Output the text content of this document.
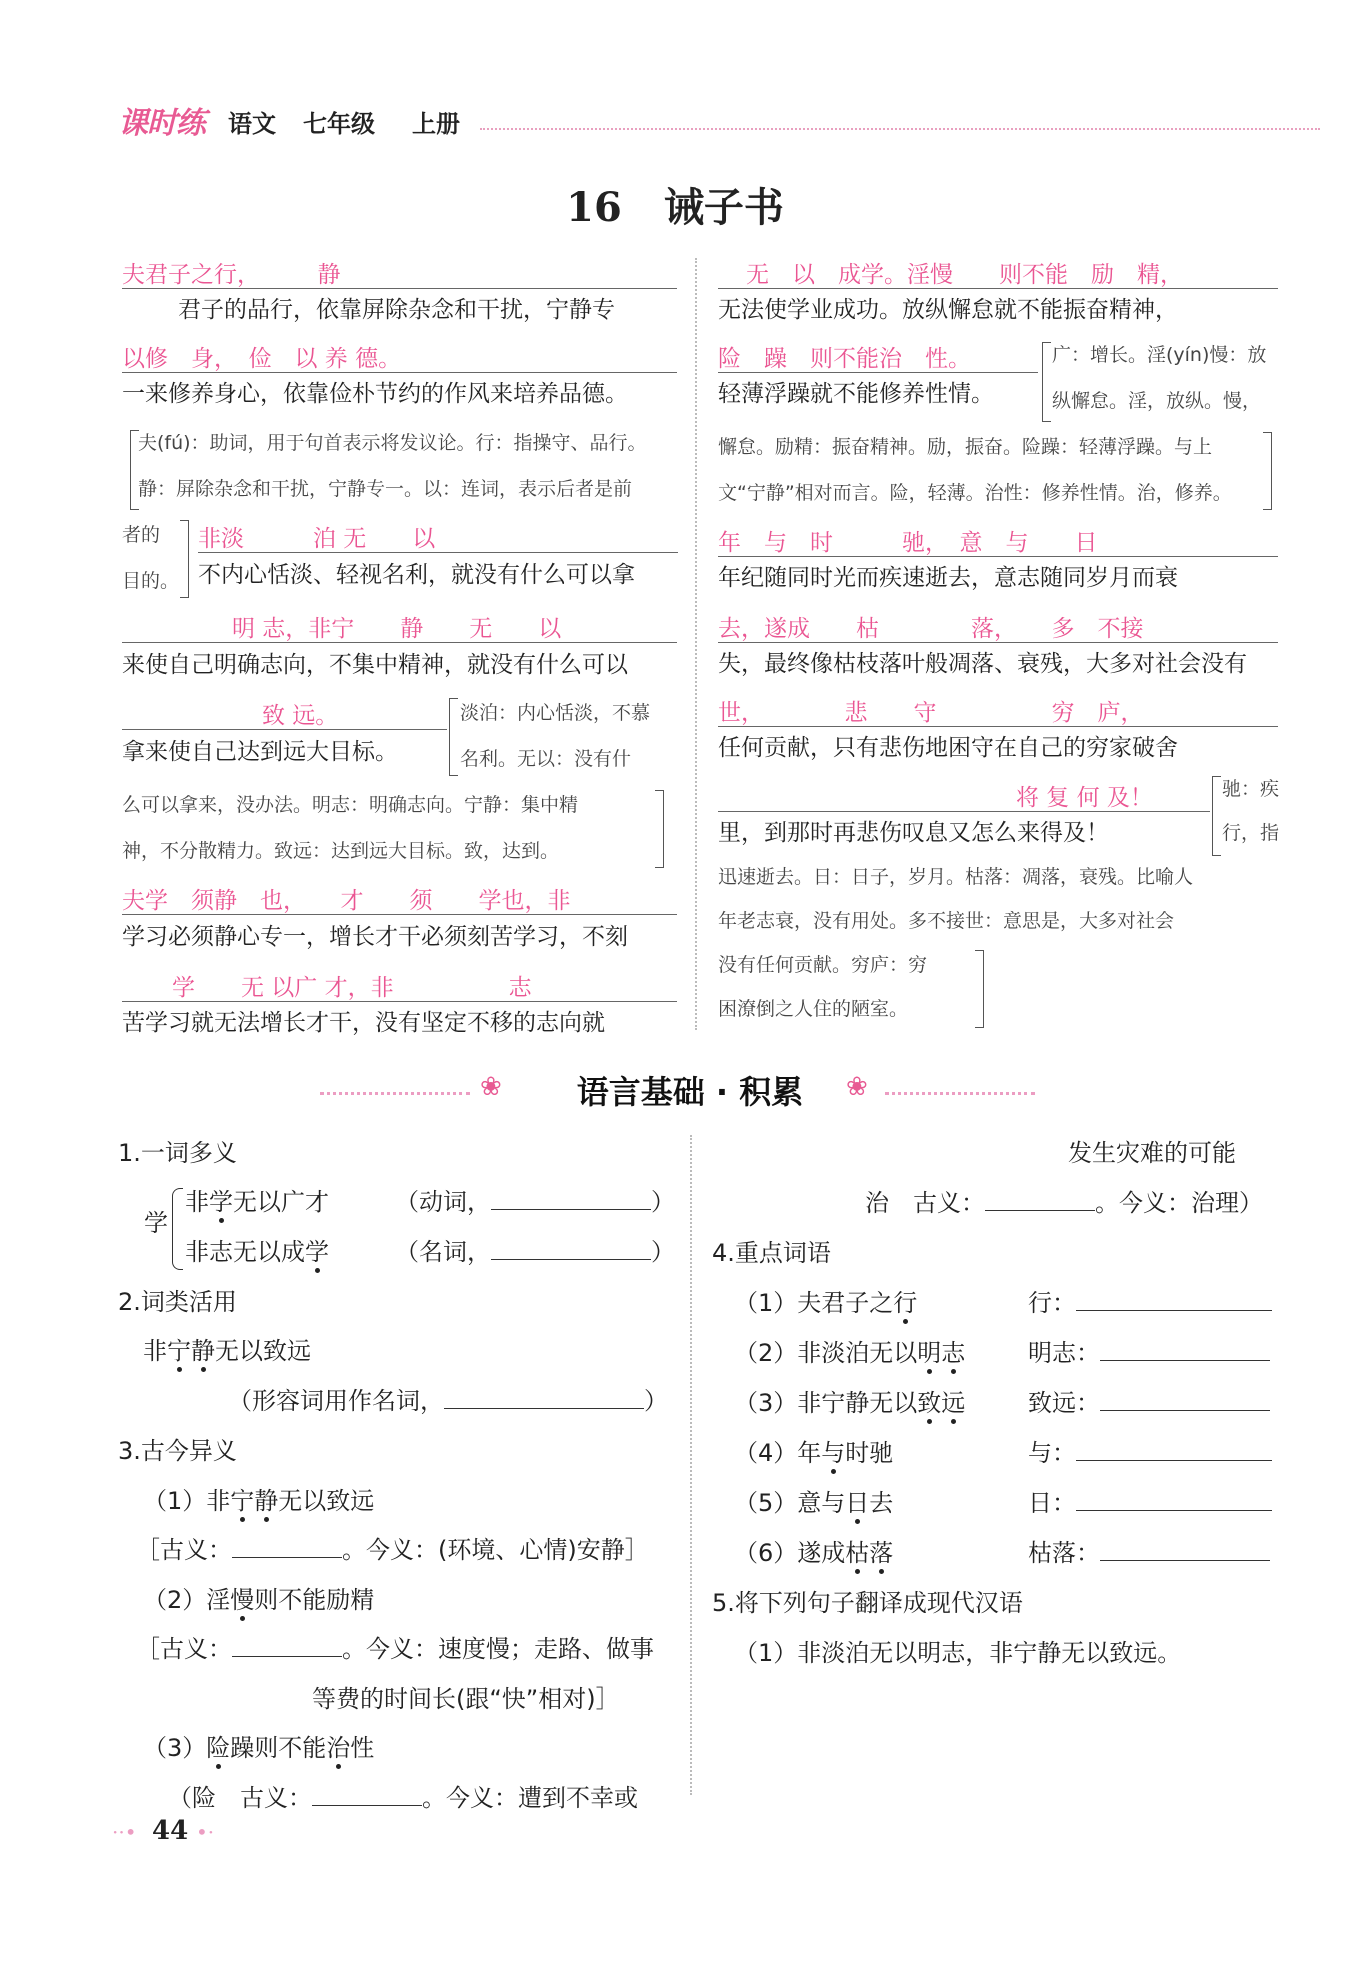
课时练 语文 七年级 上册
16 诫子书
夫君子之行，　　　静
君子的品行，依靠屏除杂念和干扰，宁静专
以修　身，　俭　以 养 德。
一来修养身心，依靠俭朴节约的作风来培养品德。
夫(fú)：助词，用于句首表示将发议论。行：指操守、品行。
静：屏除杂念和干扰，宁静专一。以：连词，表示后者是前
者的
目的。
非淡　　　泊 无　　以
不内心恬淡、轻视名利，就没有什么可以拿
明 志，非宁　　静　　无　　以
来使自己明确志向，不集中精神，就没有什么可以
致 远。
拿来使自己达到远大目标。
淡泊：内心恬淡，不慕
名利。无以：没有什
么可以拿来，没办法。明志：明确志向。宁静：集中精
神，不分散精力。致远：达到远大目标。致，达到。
夫学　须静　也，　　才　　须　　学也，非
学习必须静心专一，增长才干必须刻苦学习，不刻
学　　无 以广 才，非　　　　　志
苦学习就无法增长才干，没有坚定不移的志向就
无　以　成学。淫慢　　则不能　励　精，
无法使学业成功。放纵懈怠就不能振奋精神，
险　躁　则不能治　性。
轻薄浮躁就不能修养性情。
广：增长。淫(yín)慢：放
纵懈怠。淫，放纵。慢，
懈怠。励精：振奋精神。励，振奋。险躁：轻薄浮躁。与上
文“宁静”相对而言。险，轻薄。治性：修养性情。治，修养。
年　与　时　　　驰，　意　与　　日
年纪随同时光而疾速逝去，意志随同岁月而衰
去，遂成　　枯　　　　落，　　多　不接
失，最终像枯枝落叶般凋落、衰残，大多对社会没有
世，　　　　悲　　守　　　　　穷　庐，
任何贡献，只有悲伤地困守在自己的穷家破舍
将 复 何 及！
里，到那时再悲伤叹息又怎么来得及！
驰：疾
行，指
迅速逝去。日：日子，岁月。枯落：凋落，衰残。比喻人
年老志衰，没有用处。多不接世：意思是，大多对社会
没有任何贡献。穷庐：穷
困潦倒之人住的陋室。
❀	语言基础 · 积累	❀
1.一词多义
学
非学无以广才	（动词，	）
非志无以成学	（名词，	）
2.词类活用
非宁静无以致远
（形容词用作名词，	）
3.古今异义
（1）非宁静无以致远
［古义：	。今义：(环境、心情)安静］
（2）淫慢则不能励精
［古义：	。今义：速度慢；走路、做事
等费的时间长(跟“快”相对)］
（3）险躁则不能治性
（险　古义：	。今义：遭到不幸或
发生灾难的可能
治　古义：	。今义：治理）
4.重点词语
（1）夫君子之行	行：
（2）非淡泊无以明志	明志：
（3）非宁静无以致远	致远：
（4）年与时驰	与：
（5）意与日去	日：
（6）遂成枯落	枯落：
5.将下列句子翻译成现代汉语
（1）非淡泊无以明志，非宁静无以致远。
··• 44 •·
